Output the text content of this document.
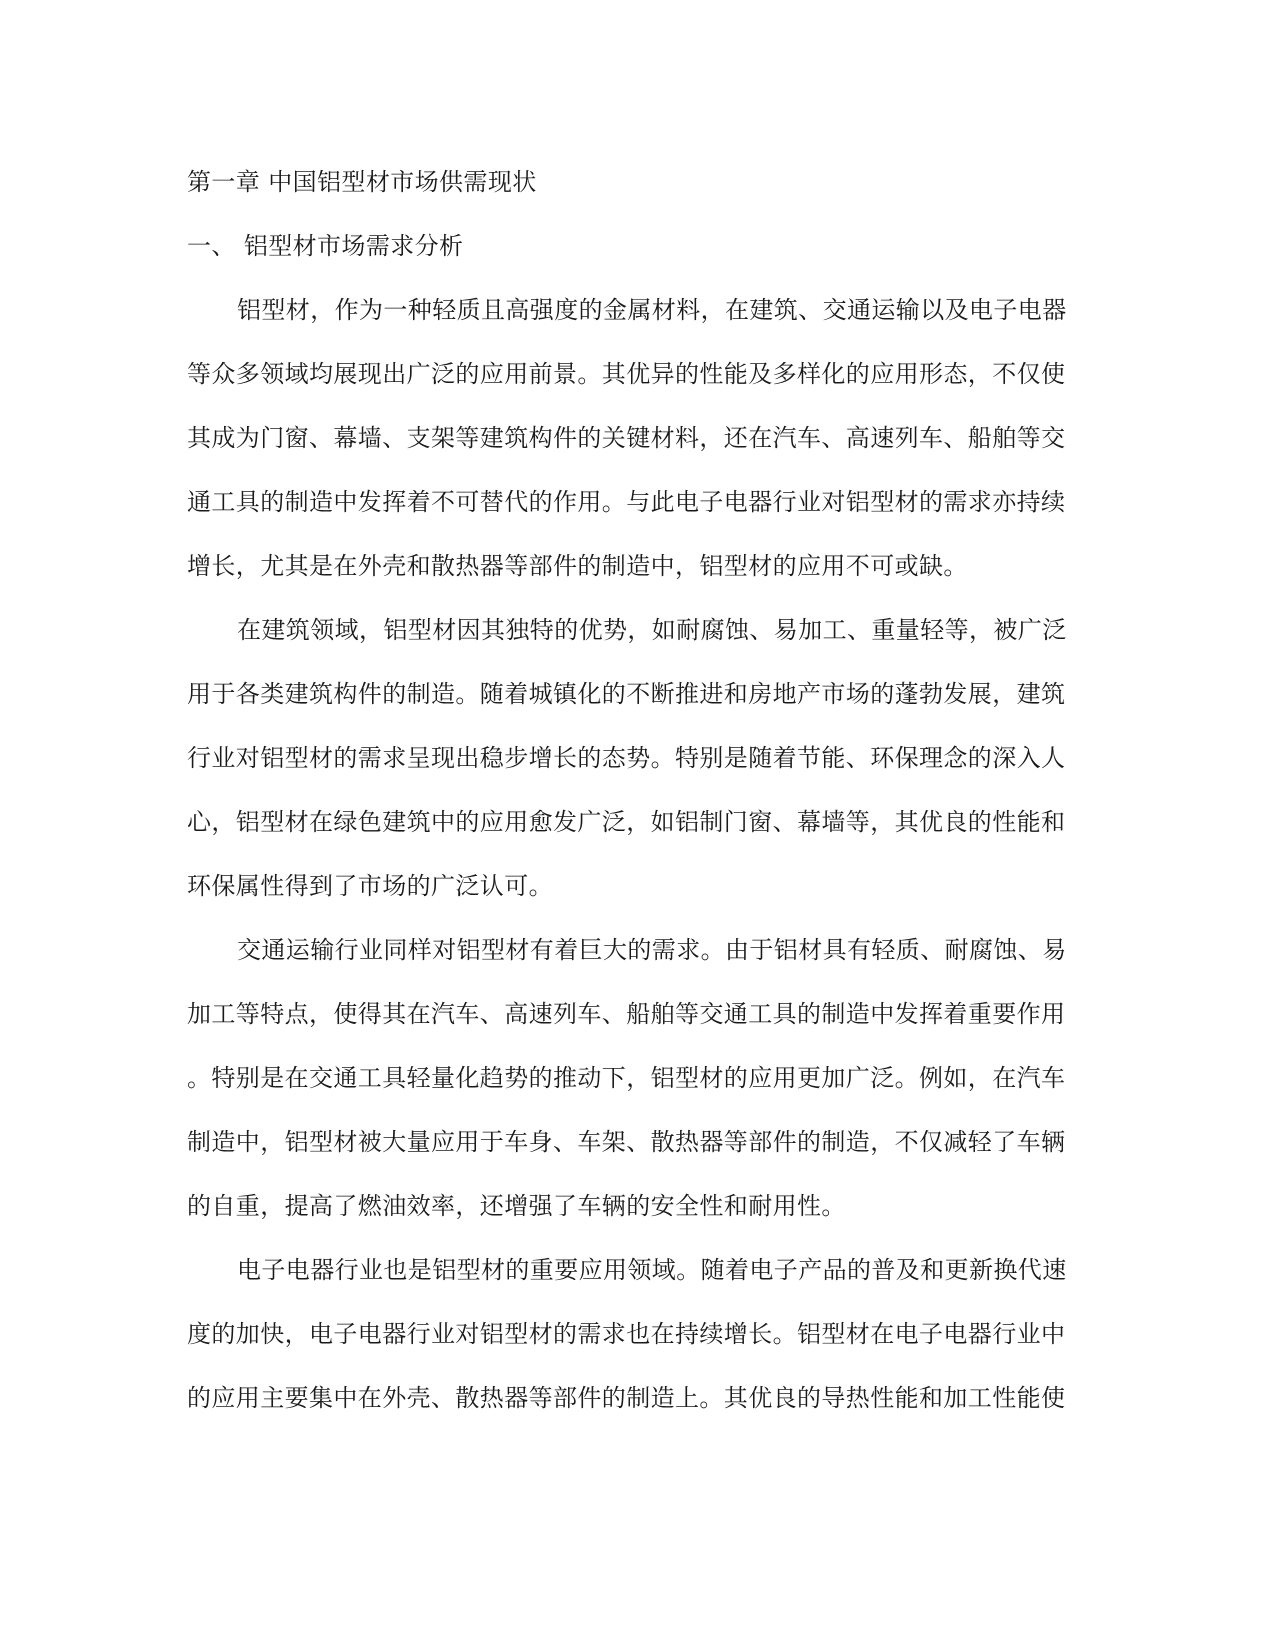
第一章 中国铝型材市场供需现状
一、 铝型材市场需求分析
铝型材，作为一种轻质且高强度的金属材料，在建筑、交通运输以及电子电器
等众多领域均展现出广泛的应用前景。其优异的性能及多样化的应用形态，不仅使
其成为门窗、幕墙、支架等建筑构件的关键材料，还在汽车、高速列车、船舶等交
通工具的制造中发挥着不可替代的作用。与此电子电器行业对铝型材的需求亦持续
增长，尤其是在外壳和散热器等部件的制造中，铝型材的应用不可或缺。
在建筑领域，铝型材因其独特的优势，如耐腐蚀、易加工、重量轻等，被广泛
用于各类建筑构件的制造。随着城镇化的不断推进和房地产市场的蓬勃发展，建筑
行业对铝型材的需求呈现出稳步增长的态势。特别是随着节能、环保理念的深入人
心，铝型材在绿色建筑中的应用愈发广泛，如铝制门窗、幕墙等，其优良的性能和
环保属性得到了市场的广泛认可。
交通运输行业同样对铝型材有着巨大的需求。由于铝材具有轻质、耐腐蚀、易
加工等特点，使得其在汽车、高速列车、船舶等交通工具的制造中发挥着重要作用
。特别是在交通工具轻量化趋势的推动下，铝型材的应用更加广泛。例如，在汽车
制造中，铝型材被大量应用于车身、车架、散热器等部件的制造，不仅减轻了车辆
的自重，提高了燃油效率，还增强了车辆的安全性和耐用性。
电子电器行业也是铝型材的重要应用领域。随着电子产品的普及和更新换代速
度的加快，电子电器行业对铝型材的需求也在持续增长。铝型材在电子电器行业中
的应用主要集中在外壳、散热器等部件的制造上。其优良的导热性能和加工性能使
